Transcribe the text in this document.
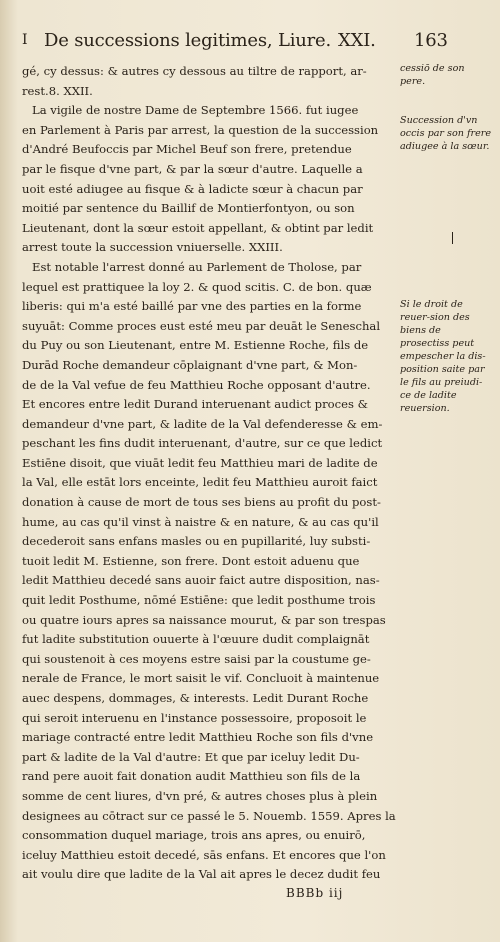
I De successions legitimes, Liure. XXI. 163
gé, cy dessus: & autres cy dessous au tiltre de rapport, ar-
rest.8. XXII.
La vigile de nostre Dame de Septembre 1566. fut iugee
en Parlement à Paris par arrest, la question de la succession
d'André Beufoccis par Michel Beuf son frere, pretendue
par le fisque d'vne part, & par la sœur d'autre. Laquelle a
uoit esté adiugee au fisque & à ladicte sœur à chacun par
moitié par sentence du Baillif de Montierfontyon, ou son
Lieutenant, dont la sœur estoit appellant, & obtint par ledit
arrest toute la succession vniuerselle. XXIII.
Est notable l'arrest donné au Parlement de Tholose, par
lequel est prattiquee la loy 2. & quod scitis. C. de bon. quæ
liberis: qui m'a esté baillé par vne des parties en la forme
suyuāt: Comme proces eust esté meu par deuāt le Seneschal
du Puy ou son Lieutenant, entre M. Estienne Roche, fils de
Durād Roche demandeur cōplaignant d'vne part, & Mon-
de de la Val vefue de feu Matthieu Roche opposant d'autre.
Et encores entre ledit Durand interuenant audict proces &
demandeur d'vne part, & ladite de la Val defenderesse & em-
peschant les fins dudit interuenant, d'autre, sur ce que ledict
Estiēne disoit, que viuāt ledit feu Matthieu mari de ladite de
la Val, elle estāt lors enceinte, ledit feu Matthieu auroit faict
donation à cause de mort de tous ses biens au profit du post-
hume, au cas qu'il vinst à naistre & en nature, & au cas qu'il
decederoit sans enfans masles ou en pupillarité, luy substi-
tuoit ledit M. Estienne, son frere. Dont estoit aduenu que
ledit Matthieu decedé sans auoir faict autre disposition, nas-
quit ledit Posthume, nōmé Estiēne: que ledit posthume trois
ou quatre iours apres sa naissance mourut, & par son trespas
fut ladite substitution ouuerte à l'œuure dudit complaignāt
qui soustenoit à ces moyens estre saisi par la coustume ge-
nerale de France, le mort saisit le vif. Concluoit à maintenue
auec despens, dommages, & interests. Ledit Durant Roche
qui seroit interuenu en l'instance possessoire, proposoit le
mariage contracté entre ledit Matthieu Roche son fils d'vne
part & ladite de la Val d'autre: Et que par iceluy ledit Du-
rand pere auoit fait donation audit Matthieu son fils de la
somme de cent liures, d'vn pré, & autres choses plus à plein
designees au cōtract sur ce passé le 5. Nouemb. 1559. Apres la
consommation duquel mariage, trois ans apres, ou enuirō,
iceluy Matthieu estoit decedé, sās enfans. Et encores que l'on
ait voulu dire que ladite de la Val ait apres le decez dudit feu
cessiō de son pere.
Succession d'vn occis par son frere adiugee à la sœur.
Si le droit de reuer-sion des biens de prosectiss peut empescher la dis-position saite par le fils au preiudi-ce de ladite reuersion.
BBBb iij
